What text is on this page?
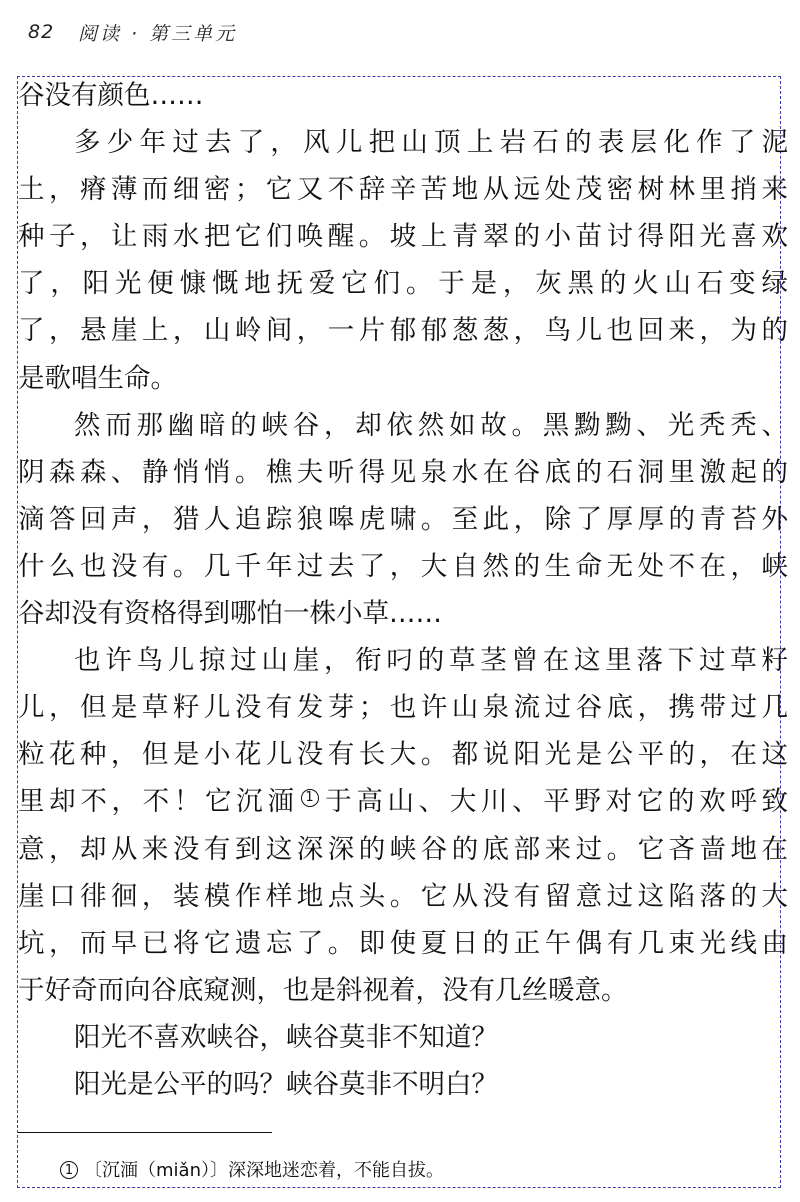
82	阅读 · 第三单元
谷没有颜色……
多少年过去了，风儿把山顶上岩石的表层化作了泥
土，瘠薄而细密；它又不辞辛苦地从远处茂密树林里捎来
种子，让雨水把它们唤醒。坡上青翠的小苗讨得阳光喜欢
了，阳光便慷慨地抚爱它们。于是，灰黑的火山石变绿
了，悬崖上，山岭间，一片郁郁葱葱，鸟儿也回来，为的
是歌唱生命。
然而那幽暗的峡谷，却依然如故。黑黝黝、光秃秃、
阴森森、静悄悄。樵夫听得见泉水在谷底的石洞里激起的
滴答回声，猎人追踪狼嗥虎啸。至此，除了厚厚的青苔外
什么也没有。几千年过去了，大自然的生命无处不在，峡
谷却没有资格得到哪怕一株小草……
也许鸟儿掠过山崖，衔叼的草茎曾在这里落下过草籽
儿，但是草籽儿没有发芽；也许山泉流过谷底，携带过几
粒花种，但是小花儿没有长大。都说阳光是公平的，在这
里却不，不！它沉湎 1 于高山、大川、平野对它的欢呼致
意，却从来没有到这深深的峡谷的底部来过。它吝啬地在
崖口徘徊，装模作样地点头。它从没有留意过这陷落的大
坑，而早已将它遗忘了。即使夏日的正午偶有几束光线由
于好奇而向谷底窥测，也是斜视着，没有几丝暖意。
阳光不喜欢峡谷，峡谷莫非不知道？
阳光是公平的吗？峡谷莫非不明白？
1 〔沉湎（miǎn）〕深深地迷恋着，不能自拔。
